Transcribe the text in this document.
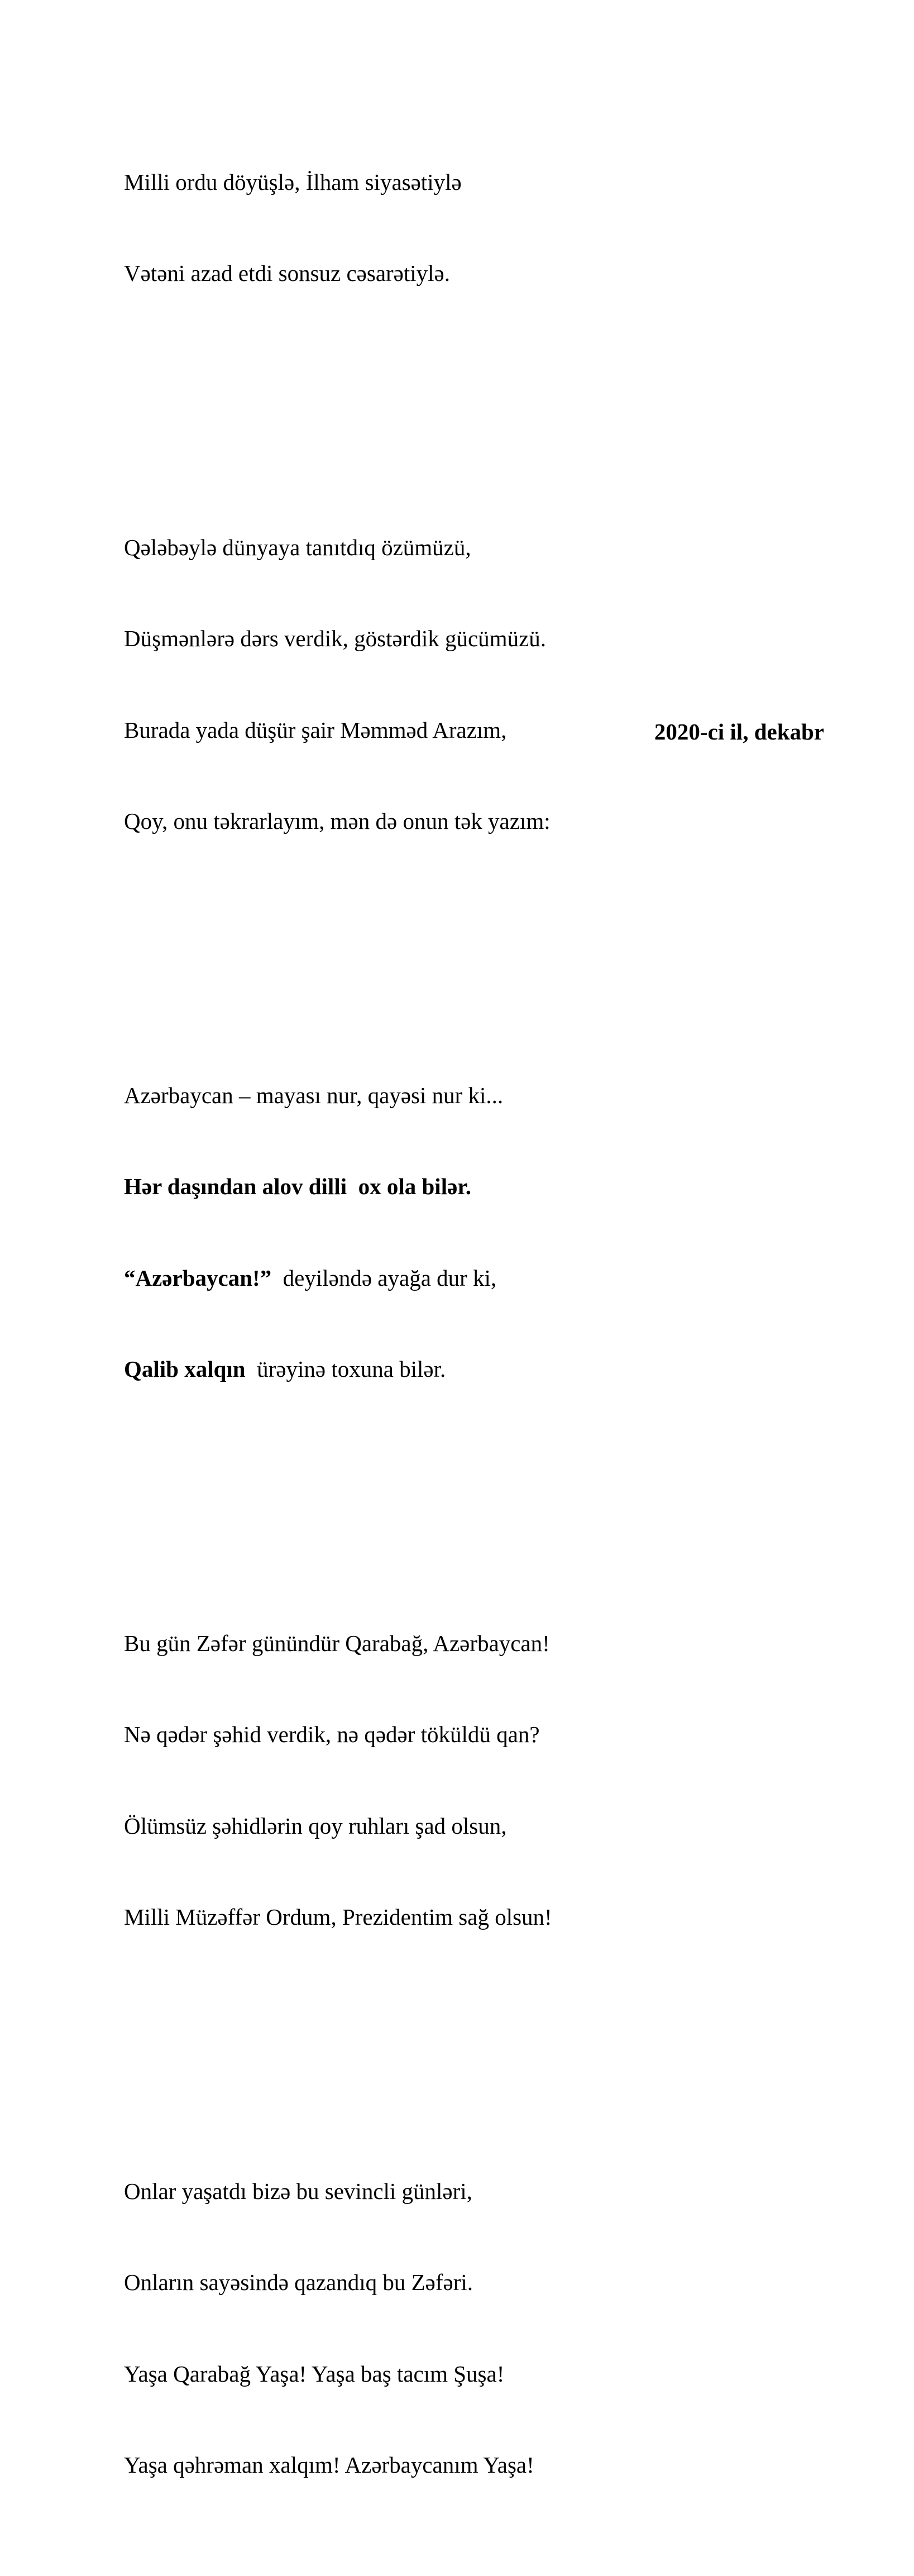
Milli ordu döyüşlə, İlham siyasətiylə

Vətəni azad etdi sonsuz cəsarətiylə.

Qələbəylə dünyaya tanıtdıq özümüzü,

Düşmənlərə dərs verdik, göstərdik gücümüzü.

Burada yada düşür şair Məmməd Arazım,

Qoy, onu təkrarlayım, mən də onun tək yazım:

Azərbaycan – mayası nur, qayəsi nur ki...

Hər daşından alov dilli  ox ola bilər.

“Azərbaycan!”  deyiləndə ayağa dur ki,

Qalib xalqın  ürəyinə toxuna bilər.

Bu gün Zəfər günündür Qarabağ, Azərbaycan!

Nə qədər şəhid verdik, nə qədər töküldü qan?

Ölümsüz şəhidlərin qoy ruhları şad olsun,

Milli Müzəffər Ordum, Prezidentim sağ olsun!

Onlar yaşatdı bizə bu sevincli günləri,

Onların sayəsində qazandıq bu Zəfəri.

Yaşa Qarabağ Yaşa! Yaşa baş tacım Şuşa!

Yaşa qəhrəman xalqım! Azərbaycanım Yaşa!

2020-ci il, dekabr
